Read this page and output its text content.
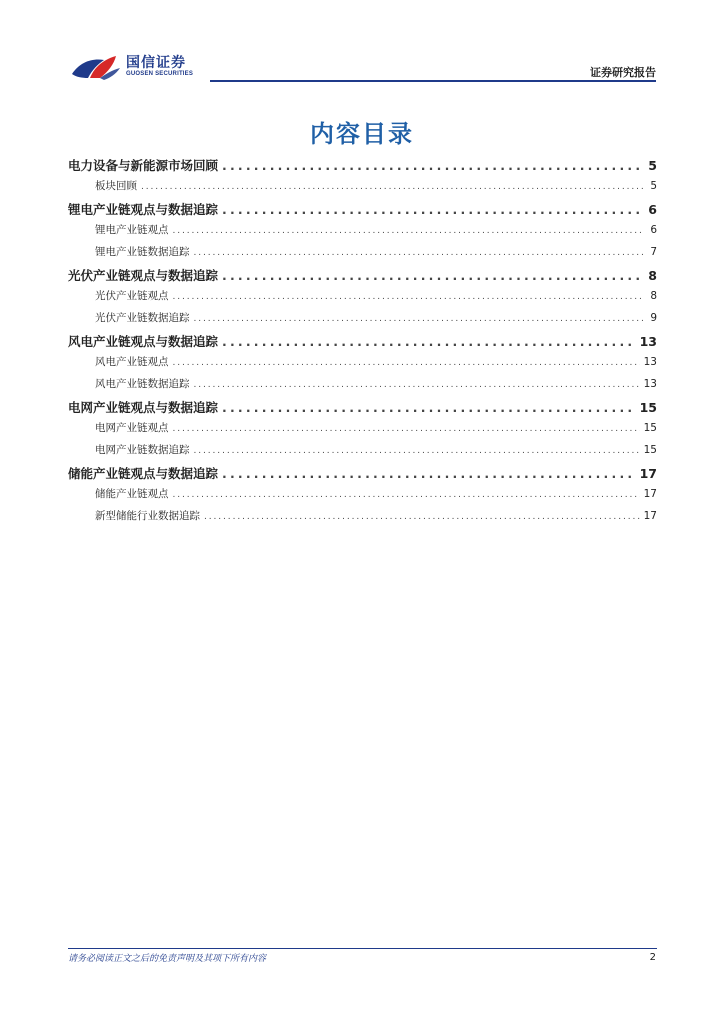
国信证券
GUOSEN SECURITIES	证券研究报告
内容目录
电力设备与新能源市场回顾 .....	5
板块回顾 .....	5
锂电产业链观点与数据追踪 .....	6
锂电产业链观点 .....	6
锂电产业链数据追踪 .....	7
光伏产业链观点与数据追踪 .....	8
光伏产业链观点 .....	8
光伏产业链数据追踪 .....	9
风电产业链观点与数据追踪 .....	13
风电产业链观点 .....	13
风电产业链数据追踪 .....	13
电网产业链观点与数据追踪 .....	15
电网产业链观点 .....	15
电网产业链数据追踪 .....	15
储能产业链观点与数据追踪 .....	17
储能产业链观点 .....	17
新型储能行业数据追踪 .....	17
请务必阅读正文之后的免责声明及其项下所有内容	2
